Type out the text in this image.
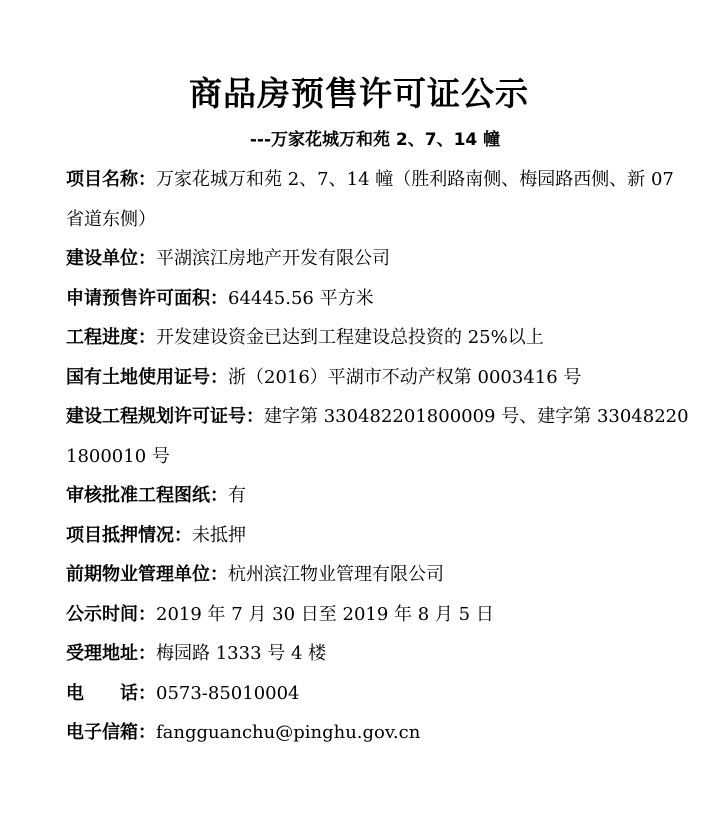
商品房预售许可证公示
---万家花城万和苑 2、7、14 幢

项目名称：万家花城万和苑 2、7、14 幢（胜利路南侧、梅园路西侧、新 07 省道东侧）

建设单位：平湖滨江房地产开发有限公司

申请预售许可面积：64445.56 平方米

工程进度：开发建设资金已达到工程建设总投资的 25%以上

国有土地使用证号：浙（2016）平湖市不动产权第 0003416 号

建设工程规划许可证号：建字第 330482201800009 号、建字第 330482201800010 号

审核批准工程图纸：有

项目抵押情况：未抵押

前期物业管理单位：杭州滨江物业管理有限公司

公示时间：2019 年 7 月 30 日至 2019 年 8 月 5 日

受理地址：梅园路 1333 号 4 楼

电　　话：0573-85010004

电子信箱：fangguanchu@pinghu.gov.cn
